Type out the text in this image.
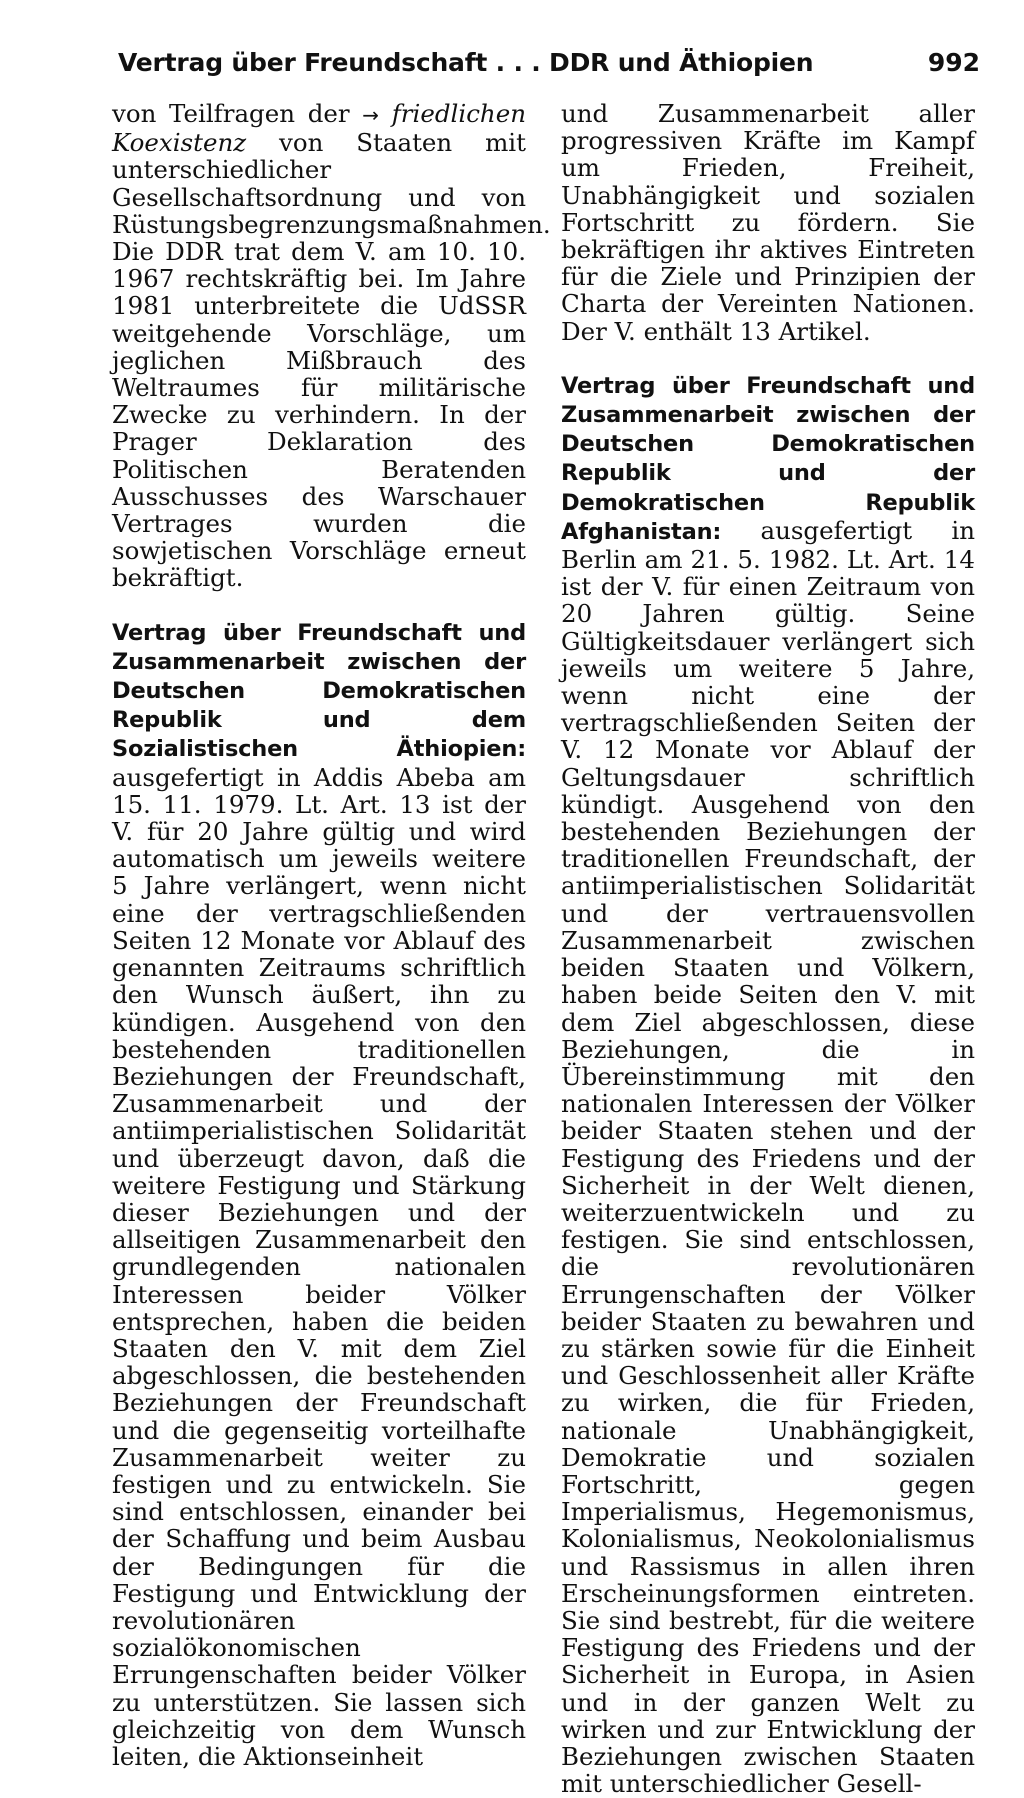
Vertrag über Freundschaft . . . DDR und Äthiopien	992

von Teilfragen der → friedlichen Koexistenz von Staaten mit unterschiedlicher Gesellschaftsordnung und von Rüstungsbegrenzungsmaßnahmen. Die DDR trat dem V. am 10. 10. 1967 rechtskräftig bei. Im Jahre 1981 unterbreitete die UdSSR weitgehende Vorschläge, um jeglichen Mißbrauch des Weltraumes für militärische Zwecke zu verhindern. In der Prager Deklaration des Politischen Beratenden Ausschusses des Warschauer Vertrages wurden die sowjetischen Vorschläge erneut bekräftigt.

Vertrag über Freundschaft und Zusammenarbeit zwischen der Deutschen Demokratischen Republik und dem Sozialistischen Äthiopien: ausgefertigt in Addis Abeba am 15. 11. 1979. Lt. Art. 13 ist der V. für 20 Jahre gültig und wird automatisch um jeweils weitere 5 Jahre verlängert, wenn nicht eine der vertragschließenden Seiten 12 Monate vor Ablauf des genannten Zeitraums schriftlich den Wunsch äußert, ihn zu kündigen. Ausgehend von den bestehenden traditionellen Beziehungen der Freundschaft, Zusammenarbeit und der antiimperialistischen Solidarität und überzeugt davon, daß die weitere Festigung und Stärkung dieser Beziehungen und der allseitigen Zusammenarbeit den grundlegenden nationalen Interessen beider Völker entsprechen, haben die beiden Staaten den V. mit dem Ziel abgeschlossen, die bestehenden Beziehungen der Freundschaft und die gegenseitig vorteilhafte Zusammenarbeit weiter zu festigen und zu entwickeln. Sie sind entschlossen, einander bei der Schaffung und beim Ausbau der Bedingungen für die Festigung und Entwicklung der revolutionären sozialökonomischen Errungenschaften beider Völker zu unterstützen. Sie lassen sich gleichzeitig von dem Wunsch leiten, die Aktionseinheit

und Zusammenarbeit aller progressiven Kräfte im Kampf um Frieden, Freiheit, Unabhängigkeit und sozialen Fortschritt zu fördern. Sie bekräftigen ihr aktives Eintreten für die Ziele und Prinzipien der Charta der Vereinten Nationen. Der V. enthält 13 Artikel.

Vertrag über Freundschaft und Zusammenarbeit zwischen der Deutschen Demokratischen Republik und der Demokratischen Republik Afghanistan: ausgefertigt in Berlin am 21. 5. 1982. Lt. Art. 14 ist der V. für einen Zeitraum von 20 Jahren gültig. Seine Gültigkeitsdauer verlängert sich jeweils um weitere 5 Jahre, wenn nicht eine der vertragschließenden Seiten der V. 12 Monate vor Ablauf der Geltungsdauer schriftlich kündigt. Ausgehend von den bestehenden Beziehungen der traditionellen Freundschaft, der antiimperialistischen Solidarität und der vertrauensvollen Zusammenarbeit zwischen beiden Staaten und Völkern, haben beide Seiten den V. mit dem Ziel abgeschlossen, diese Beziehungen, die in Übereinstimmung mit den nationalen Interessen der Völker beider Staaten stehen und der Festigung des Friedens und der Sicherheit in der Welt dienen, weiterzuentwickeln und zu festigen. Sie sind entschlossen, die revolutionären Errungenschaften der Völker beider Staaten zu bewahren und zu stärken sowie für die Einheit und Geschlossenheit aller Kräfte zu wirken, die für Frieden, nationale Unabhängigkeit, Demokratie und sozialen Fortschritt, gegen Imperialismus, Hegemonismus, Kolonialismus, Neokolonialismus und Rassismus in allen ihren Erscheinungsformen eintreten. Sie sind bestrebt, für die weitere Festigung des Friedens und der Sicherheit in Europa, in Asien und in der ganzen Welt zu wirken und zur Entwicklung der Beziehungen zwischen Staaten mit unterschiedlicher Gesell-
